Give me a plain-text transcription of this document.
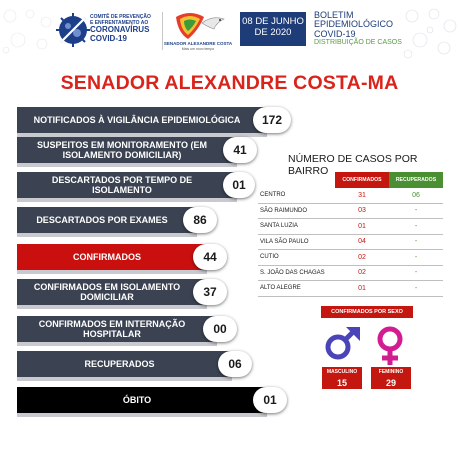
COMITÊ DE PREVENÇÃO
E ENFRENTAMENTO AO
CORONAVÍRUS
COVID-19
SENADOR ALEXANDRE COSTA
Mais um novo tempo
08 DE JUNHO
DE 2020
BOLETIM
EPIDEMIOLÓGICO
COVID-19
DISTRIBUIÇÃO DE CASOS
SENADOR ALEXANDRE COSTA-MA
NOTIFICADOS À VIGILÂNCIA EPIDEMIOLÓGICA	172
SUSPEITOS EM MONITORAMENTO (EM ISOLAMENTO DOMICILIAR)	41
DESCARTADOS POR TEMPO DE ISOLAMENTO	01
DESCARTADOS POR EXAMES	86
CONFIRMADOS	44
CONFIRMADOS EM ISOLAMENTO DOMICILIAR	37
CONFIRMADOS EM INTERNAÇÃO HOSPITALAR	00
RECUPERADOS	06
ÓBITO	01
NÚMERO DE CASOS POR BAIRRO
	CONFIRMADOS	RECUPERADOS
CENTRO	31	06
SÃO RAIMUNDO	03	-
SANTA LUZIA	01	-
VILA SÃO PAULO	04	-
CUTIO	02	-
S. JOÃO DAS CHAGAS	02	-
ALTO ALEGRE	01	-
CONFIRMADOS POR SEXO
MASCULINO
15
FEMININO
29
